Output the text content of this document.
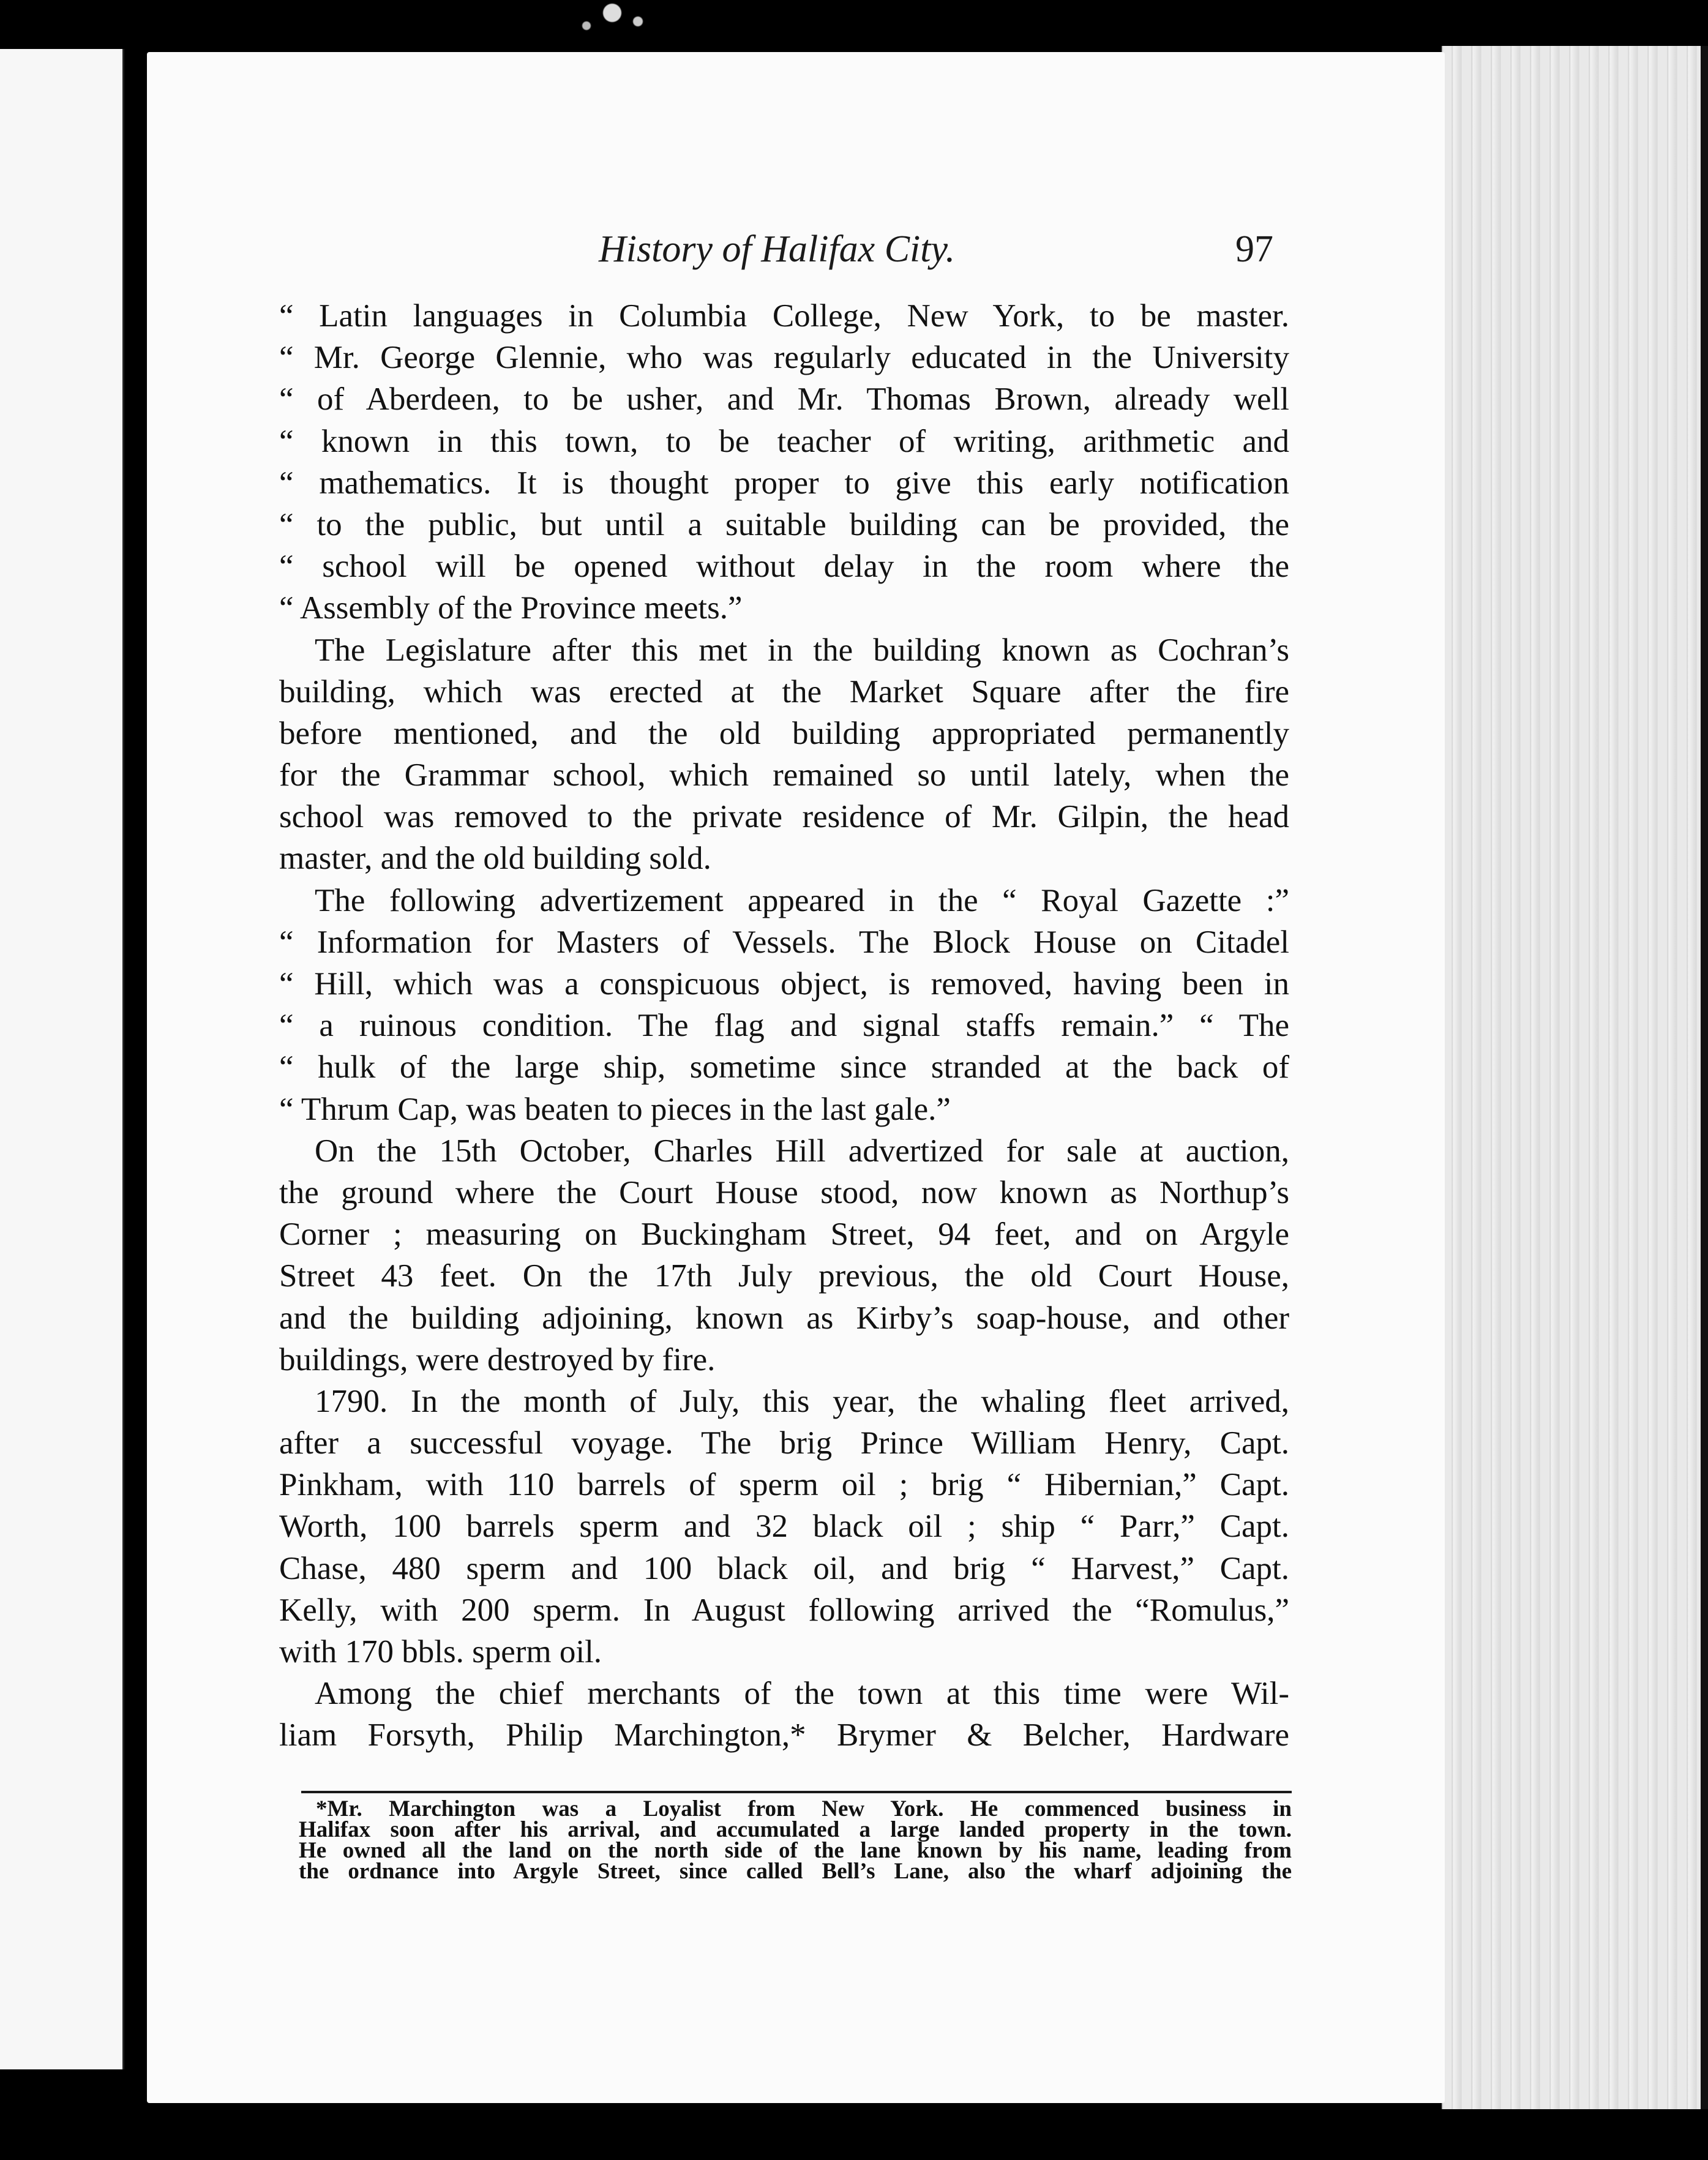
History of Halifax City.	97
“ Latin languages in Columbia College, New York, to be master.
“ Mr. George Glennie, who was regularly educated in the University
“ of Aberdeen, to be usher, and Mr. Thomas Brown, already well
“ known in this town, to be teacher of writing, arithmetic and
“ mathematics. It is thought proper to give this early notification
“ to the public, but until a suitable building can be provided, the
“ school will be opened without delay in the room where the
“ Assembly of the Province meets.”
The Legislature after this met in the building known as Cochran’s
building, which was erected at the Market Square after the fire
before mentioned, and the old building appropriated permanently
for the Grammar school, which remained so until lately, when the
school was removed to the private residence of Mr. Gilpin, the head
master, and the old building sold.
The following advertizement appeared in the “ Royal Gazette :”
“ Information for Masters of Vessels. The Block House on Citadel
“ Hill, which was a conspicuous object, is removed, having been in
“ a ruinous condition. The flag and signal staffs remain.” “ The
“ hulk of the large ship, sometime since stranded at the back of
“ Thrum Cap, was beaten to pieces in the last gale.”
On the 15th October, Charles Hill advertized for sale at auction,
the ground where the Court House stood, now known as Northup’s
Corner ; measuring on Buckingham Street, 94 feet, and on Argyle
Street 43 feet. On the 17th July previous, the old Court House,
and the building adjoining, known as Kirby’s soap-house, and other
buildings, were destroyed by fire.
1790. In the month of July, this year, the whaling fleet arrived,
after a successful voyage. The brig Prince William Henry, Capt.
Pinkham, with 110 barrels of sperm oil ; brig “ Hibernian,” Capt.
Worth, 100 barrels sperm and 32 black oil ; ship “ Parr,” Capt.
Chase, 480 sperm and 100 black oil, and brig “ Harvest,” Capt.
Kelly, with 200 sperm. In August following arrived the “Romulus,”
with 170 bbls. sperm oil.
Among the chief merchants of the town at this time were Wil-
liam Forsyth, Philip Marchington,* Brymer & Belcher, Hardware
*Mr. Marchington was a Loyalist from New York. He commenced business in
Halifax soon after his arrival, and accumulated a large landed property in the town.
He owned all the land on the north side of the lane known by his name, leading from
the ordnance into Argyle Street, since called Bell’s Lane, also the wharf adjoining the
